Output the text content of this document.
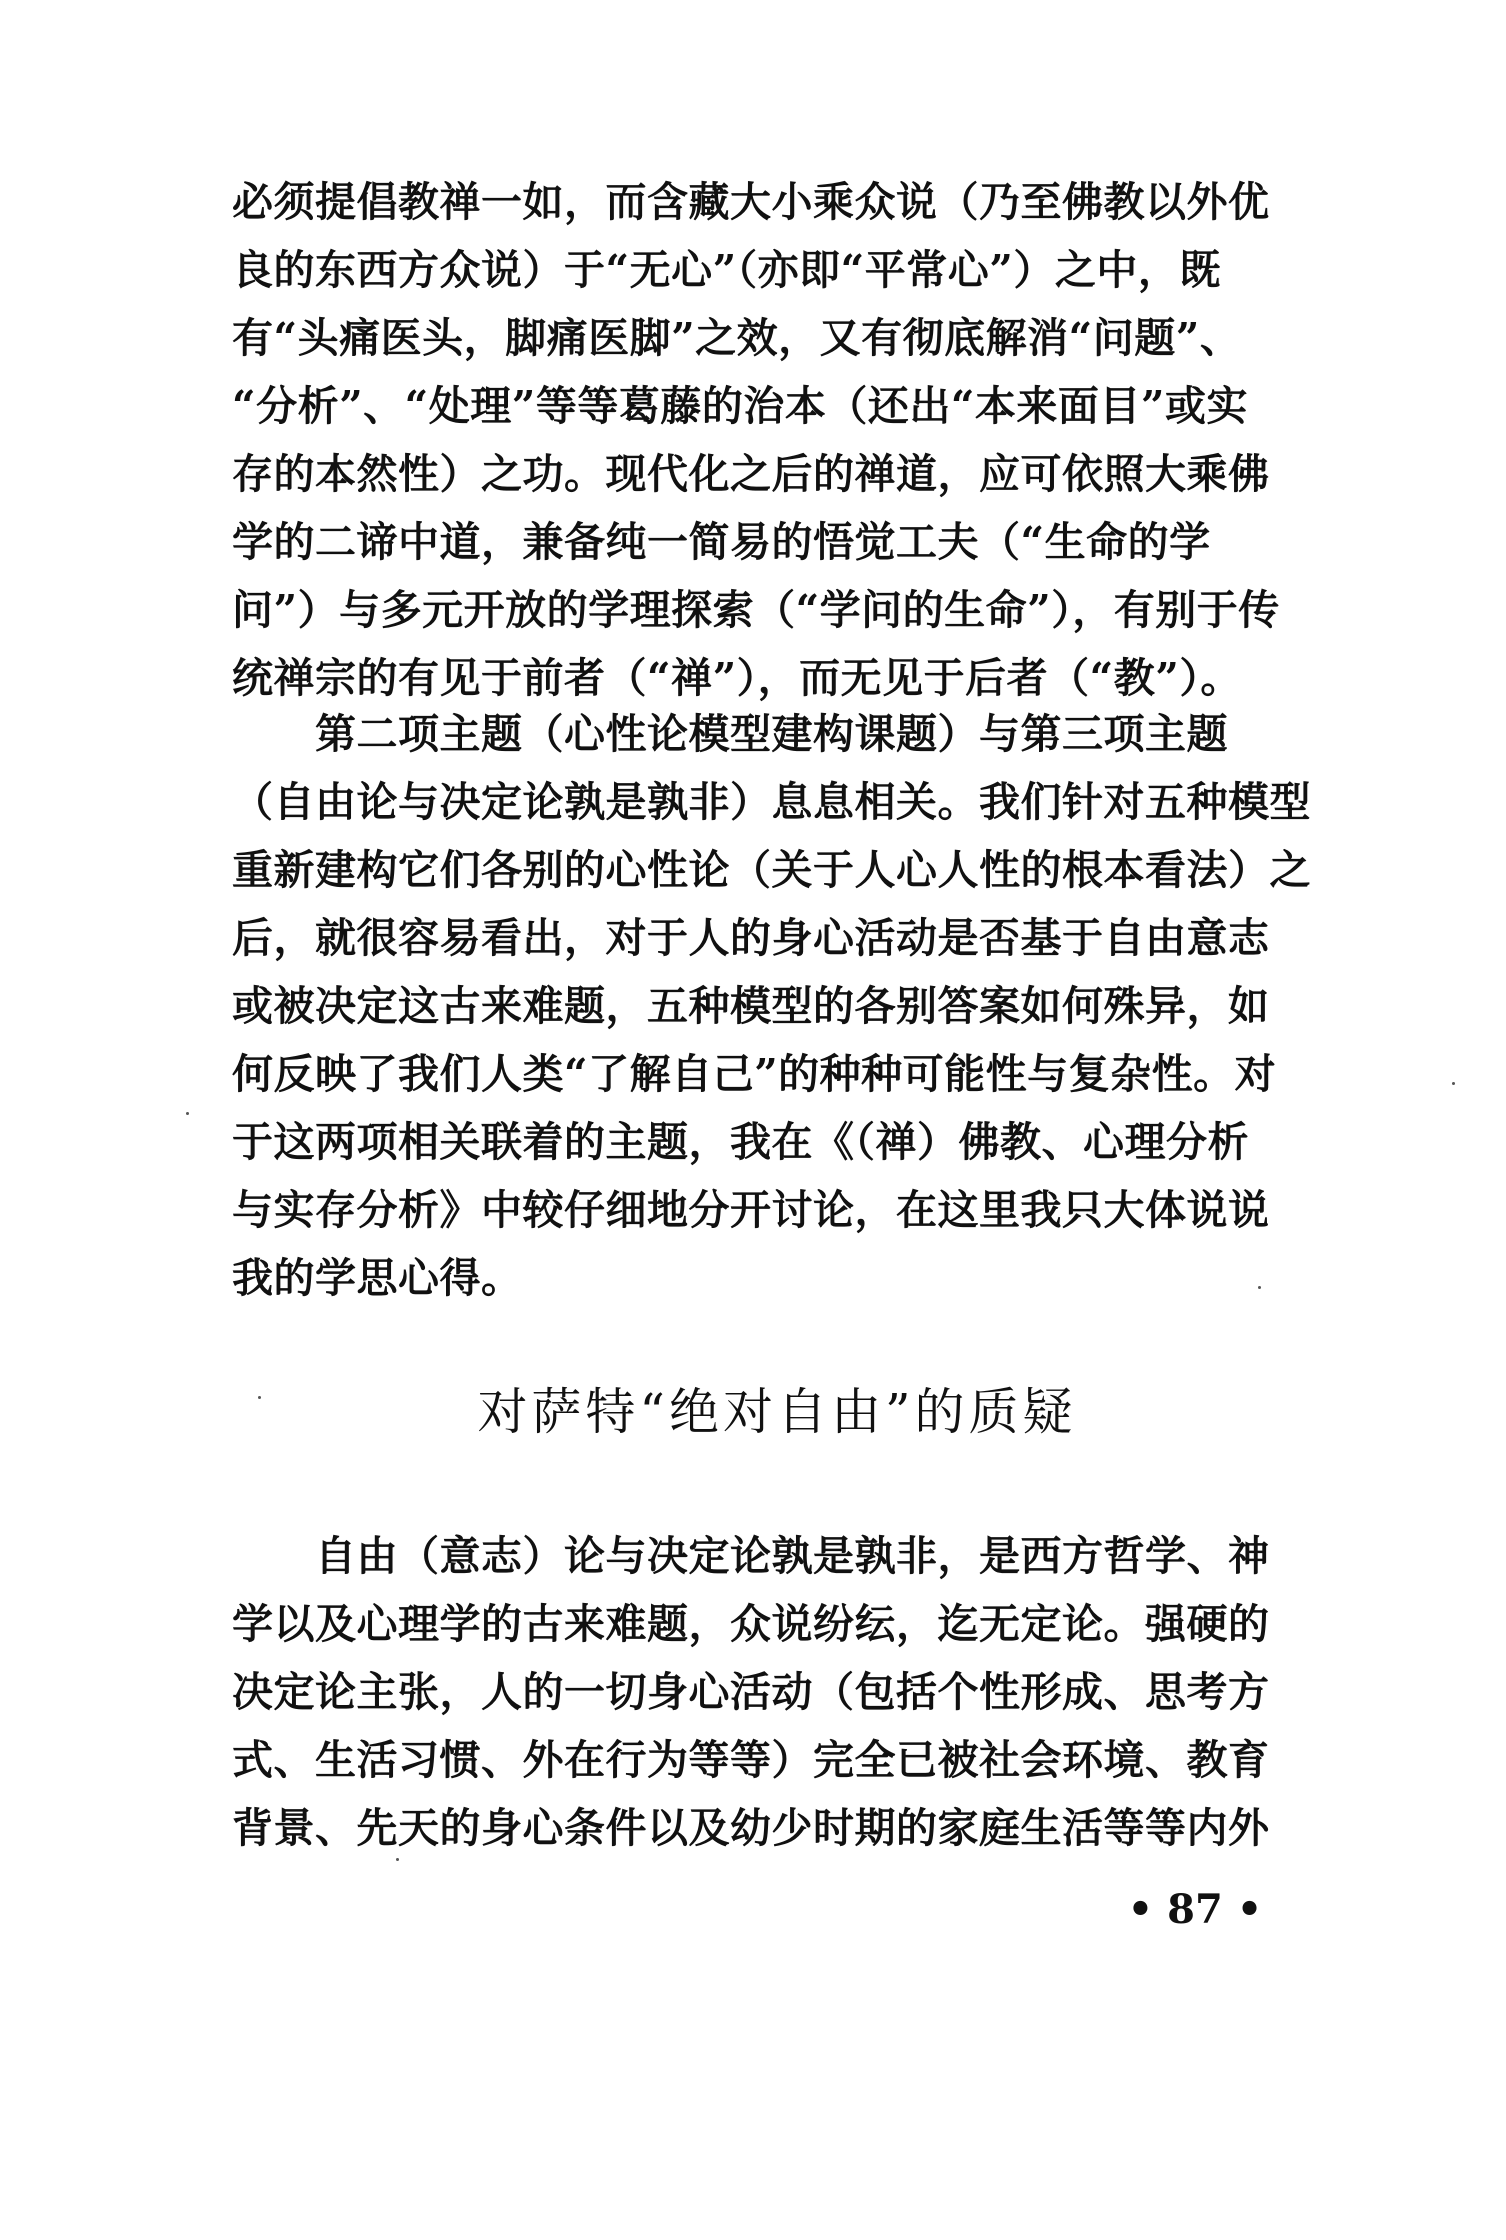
必须提倡教禅一如，而含藏大小乘众说（乃至佛教以外优
良的东西方众说）于“无心”（亦即“平常心”）之中，既
有“头痛医头，脚痛医脚”之效，又有彻底解消“问题”、
“分析”、“处理”等等葛藤的治本（还出“本来面目”或实
存的本然性）之功。现代化之后的禅道，应可依照大乘佛
学的二谛中道，兼备纯一简易的悟觉工夫（“生命的学
问”）与多元开放的学理探索（“学问的生命”），有别于传
统禅宗的有见于前者（“禅”），而无见于后者（“教”）。
　　第二项主题（心性论模型建构课题）与第三项主题
（自由论与决定论孰是孰非）息息相关。我们针对五种模型
重新建构它们各别的心性论（关于人心人性的根本看法）之
后，就很容易看出，对于人的身心活动是否基于自由意志
或被决定这古来难题，五种模型的各别答案如何殊异，如
何反映了我们人类“了解自己”的种种可能性与复杂性。对
于这两项相关联着的主题，我在《（禅）佛教、心理分析
与实存分析》中较仔细地分开讨论，在这里我只大体说说
我的学思心得。
对萨特“绝对自由”的质疑
　　自由（意志）论与决定论孰是孰非，是西方哲学、神
学以及心理学的古来难题，众说纷纭，迄无定论。强硬的
决定论主张，人的一切身心活动（包括个性形成、思考方
式、生活习惯、外在行为等等）完全已被社会环境、教育
背景、先天的身心条件以及幼少时期的家庭生活等等内外
• 87 •
